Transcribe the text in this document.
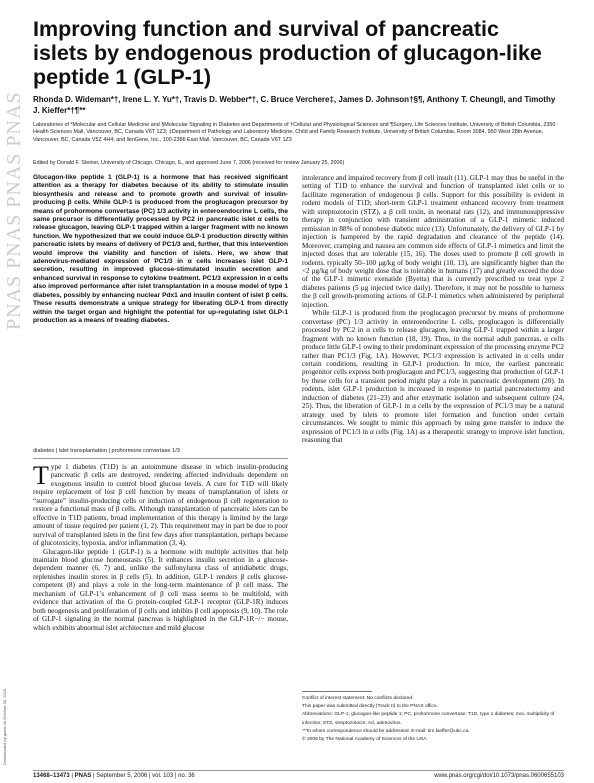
PNAS PNAS PNAS PNAS
Downloaded by guest on October 30, 2020
Improving function and survival of pancreatic islets by endogenous production of glucagon-like peptide 1 (GLP-1)
Rhonda D. Wideman*†, Irene L. Y. Yu*†, Travis D. Webber*†, C. Bruce Verchere‡, James D. Johnson†§¶, Anthony T. Cheung‖, and Timothy J. Kieffer*†¶**
Laboratories of *Molecular and Cellular Medicine and §Molecular Signaling in Diabetes and Departments of †Cellular and Physiological Sciences and ¶Surgery, Life Sciences Institute, University of British Columbia, 2350 Health Sciences Mall, Vancouver, BC, Canada V6T 1Z3; ‡Department of Pathology and Laboratory Medicine, Child and Family Research Institute, University of British Columbia, Room 3084, 950 West 28th Avenue, Vancouver, BC, Canada V5Z 4H4; and ‖enGene, Inc., 100-2386 East Mall, Vancouver, BC, Canada V6T 1Z3
Edited by Donald F. Steiner, University of Chicago, Chicago, IL, and approved June 7, 2006 (received for review January 25, 2006)

Glucagon-like peptide 1 (GLP-1) is a hormone that has received significant attention as a therapy for diabetes because of its ability to stimulate insulin biosynthesis and release and to promote growth and survival of insulin-producing β cells. While GLP-1 is produced from the proglucagon precursor by means of prohormone convertase (PC) 1/3 activity in enteroendocrine L cells, the same precursor is differentially processed by PC2 in pancreatic islet α cells to release glucagon, leaving GLP-1 trapped within a larger fragment with no known function. We hypothesized that we could induce GLP-1 production directly within pancreatic islets by means of delivery of PC1/3 and, further, that this intervention would improve the viability and function of islets. Here, we show that adenovirus-mediated expression of PC1/3 in α cells increases islet GLP-1 secretion, resulting in improved glucose-stimulated insulin secretion and enhanced survival in response to cytokine treatment. PC1/3 expression in α cells also improved performance after islet transplantation in a mouse model of type 1 diabetes, possibly by enhancing nuclear Pdx1 and insulin content of islet β cells. These results demonstrate a unique strategy for liberating GLP-1 from directly within the target organ and highlight the potential for up-regulating islet GLP-1 production as a means of treating diabetes.

diabetes | islet transplantation | prohormone convertase 1/3

Type 1 diabetes (T1D) is an autoimmune disease in which insulin-producing pancreatic β cells are destroyed, rendering affected individuals dependent on exogenous insulin to control blood glucose levels. A cure for T1D will likely require replacement of lost β cell function by means of transplantation of islets or “surrogate” insulin-producing cells or induction of endogenous β cell regeneration to restore a functional mass of β cells. Although transplantation of pancreatic islets can be effective in T1D patients, broad implementation of this therapy is limited by the large amount of tissue required per patient (1, 2). This requirement may in part be due to poor survival of transplanted islets in the first few days after transplantation, perhaps because of glucotoxicity, hypoxia, and/or inflammation (3, 4).

Glucagon-like peptide 1 (GLP-1) is a hormone with multiple activities that help maintain blood glucose homeostasis (5). It enhances insulin secretion in a glucose-dependent manner (6, 7) and, unlike the sulfonylurea class of antidiabetic drugs, replenishes insulin stores in β cells (5). In addition, GLP-1 renders β cells glucose-competent (8) and plays a role in the long-term maintenance of β cell mass. The mechanism of GLP-1’s enhancement of β cell mass seems to be multifold, with evidence that activation of the G protein-coupled GLP-1 receptor (GLP-1R) induces both neogenesis and proliferation of β cells and inhibits β cell apoptosis (9, 10). The role of GLP-1 signaling in the normal pancreas is highlighted in the GLP-1R−/− mouse, which exhibits abnormal islet architecture and mild glucose

intolerance and impaired recovery from β cell insult (11). GLP-1 may thus be useful in the setting of T1D to enhance the survival and function of transplanted islet cells or to facilitate regeneration of endogenous β cells. Support for this possibility is evident in rodent models of T1D; short-term GLP-1 treatment enhanced recovery from treatment with streptozotocin (STZ), a β cell toxin, in neonatal rats (12), and immunosuppressive therapy in conjunction with transient administration of a GLP-1 mimetic induced remission in 88% of nonobese diabetic mice (13). Unfortunately, the delivery of GLP-1 by injection is hampered by the rapid degradation and clearance of the peptide (14). Moreover, cramping and nausea are common side effects of GLP-1 mimetics and limit the injected doses that are tolerable (15, 16). The doses used to promote β cell growth in rodents, typically 50–100 μg/kg of body weight (10, 13), are significantly higher than the <2 μg/kg of body weight dose that is tolerable in humans (17) and greatly exceed the dose of the GLP-1 mimetic exenatide (Byetta) that is currently prescribed to treat type 2 diabetes patients (5 μg injected twice daily). Therefore, it may not be possible to harness the β cell growth-promoting actions of GLP-1 mimetics when administered by peripheral injection.

While GLP-1 is produced from the proglucagon precursor by means of prohormone convertase (PC) 1/3 activity in enteroendocrine L cells, proglucagon is differentially processed by PC2 in α cells to release glucagon, leaving GLP-1 trapped within a larger fragment with no known function (18, 19). Thus, in the normal adult pancreas, α cells produce little GLP-1 owing to their predominant expression of the processing enzyme PC2 rather than PC1/3 (Fig. 1A). However, PC1/3 expression is activated in α cells under certain conditions, resulting in GLP-1 production. In mice, the earliest pancreatic progenitor cells express both proglucagon and PC1/3, suggesting that production of GLP-1 by these cells for a transient period might play a role in pancreatic development (20). In rodents, islet GLP-1 production is increased in response to partial pancreatectomy and induction of diabetes (21–23) and after enzymatic isolation and subsequent culture (24, 25). Thus, the liberation of GLP-1 in α cells by the expression of PC1/3 may be a natural strategy used by islets to promote islet formation and function under certain circumstances. We sought to mimic this approach by using gene transfer to induce the expression of PC1/3 in α cells (Fig. 1A) as a therapeutic strategy to improve islet function, reasoning that

Conflict of interest statement: No conflicts declared.

This paper was submitted directly (Track II) to the PNAS office.

Abbreviations: GLP-1, glucagon-like peptide 1; PC, prohormone convertase; T1D, type 1 diabetes; moi, multiplicity of infection; STZ, streptozotocin; Ad, adenovirus.

**To whom correspondence should be addressed. E-mail: tim.kieffer@ubc.ca.

© 2006 by The National Academy of Sciences of the USA

13468–13473 | PNAS | September 5, 2006 | vol. 103 | no. 36	www.pnas.org/cgi/doi/10.1073/pnas.0600655103
